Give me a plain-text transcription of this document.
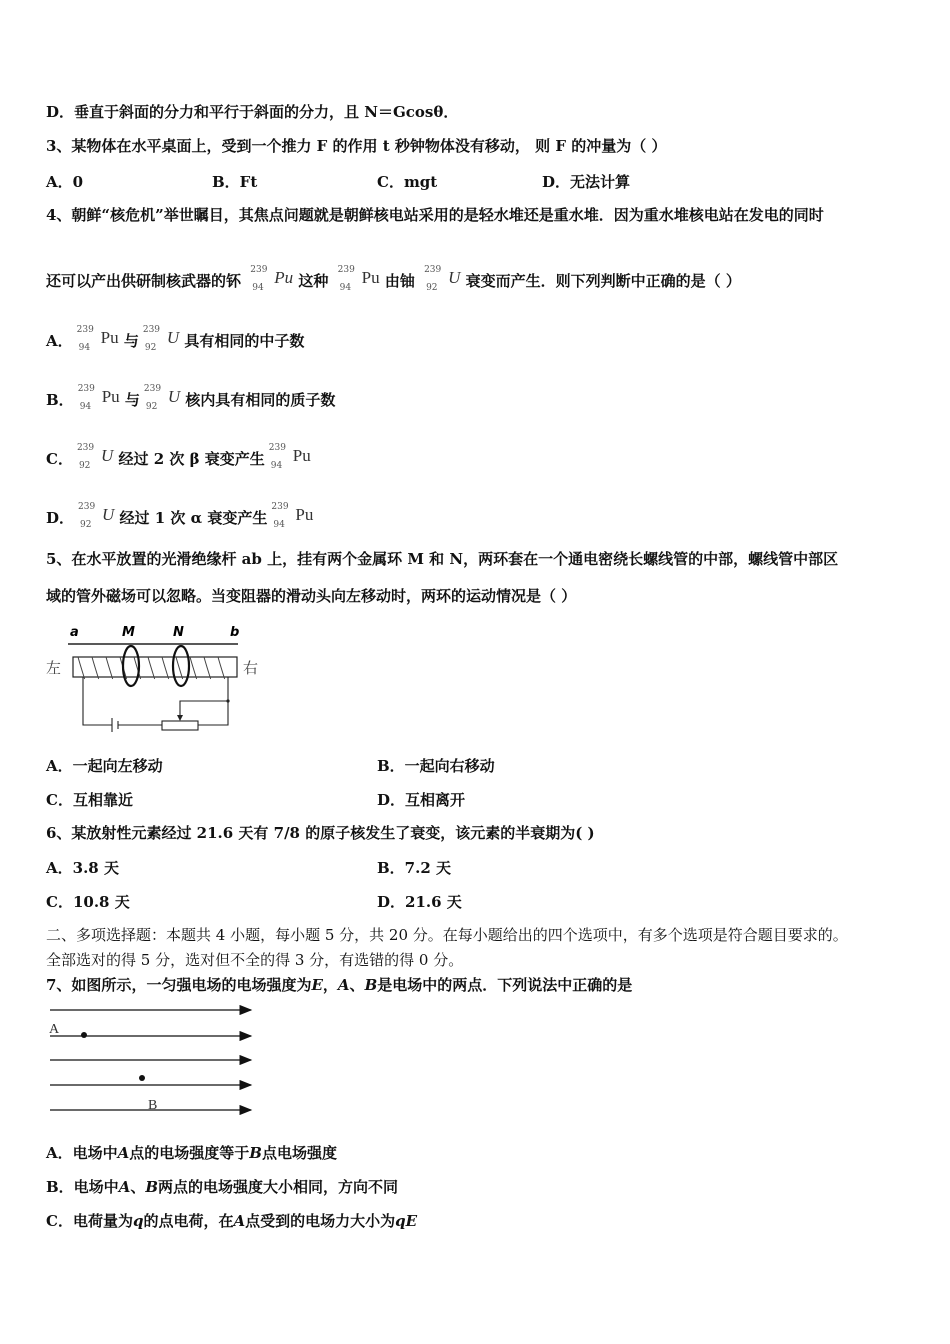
D．垂直于斜面的分力和平行于斜面的分力，且 N＝Gcosθ．
3、某物体在水平桌面上，受到一个推力 F 的作用 t 秒钟物体没有移动， 则 F 的冲量为（ ）
A．0	B．Ft	C．mgt	D．无法计算
4、朝鲜“核危机”举世瞩目，其焦点问题就是朝鲜核电站采用的是轻水堆还是重水堆．因为重水堆核电站在发电的同时
还可以产出供研制核武器的钚
239
94
Pu 这种
239
94
Pu 由铀
239
92
U 衰变而产生．则下列判断中正确的是（ ）
A．
239
94
Pu 与
239
92
U 具有相同的中子数
B．
239
94
Pu 与
239
92
U 核内具有相同的质子数
C．
239
92
U 经过 2 次 β 衰变产生
239
94
Pu
D．
239
92
U 经过 1 次 α 衰变产生
239
94
Pu
5、在水平放置的光滑绝缘杆 ab 上，挂有两个金属环 M 和 N，两环套在一个通电密绕长螺线管的中部，螺线管中部区
域的管外磁场可以忽略。当变阻器的滑动头向左移动时，两环的运动情况是（ ）
a	M	N	b
左	右
A．一起向左移动	B．一起向右移动
C．互相靠近	D．互相离开
6、某放射性元素经过 21.6 天有 7/8 的原子核发生了衰变，该元素的半衰期为( )
A．3.8 天	B．7.2 天
C．10.8 天	D．21.6 天
二、多项选择题：本题共 4 小题，每小题 5 分，共 20 分。在每小题给出的四个选项中，有多个选项是符合题目要求的。
全部选对的得 5 分，选对但不全的得 3 分，有选错的得 0 分。
7、如图所示，一匀强电场的电场强度为E，A、B是电场中的两点．下列说法中正确的是
A
B
A．电场中A点的电场强度等于B点电场强度
B．电场中A、B两点的电场强度大小相同，方向不同
C．电荷量为q的点电荷，在A点受到的电场力大小为qE
